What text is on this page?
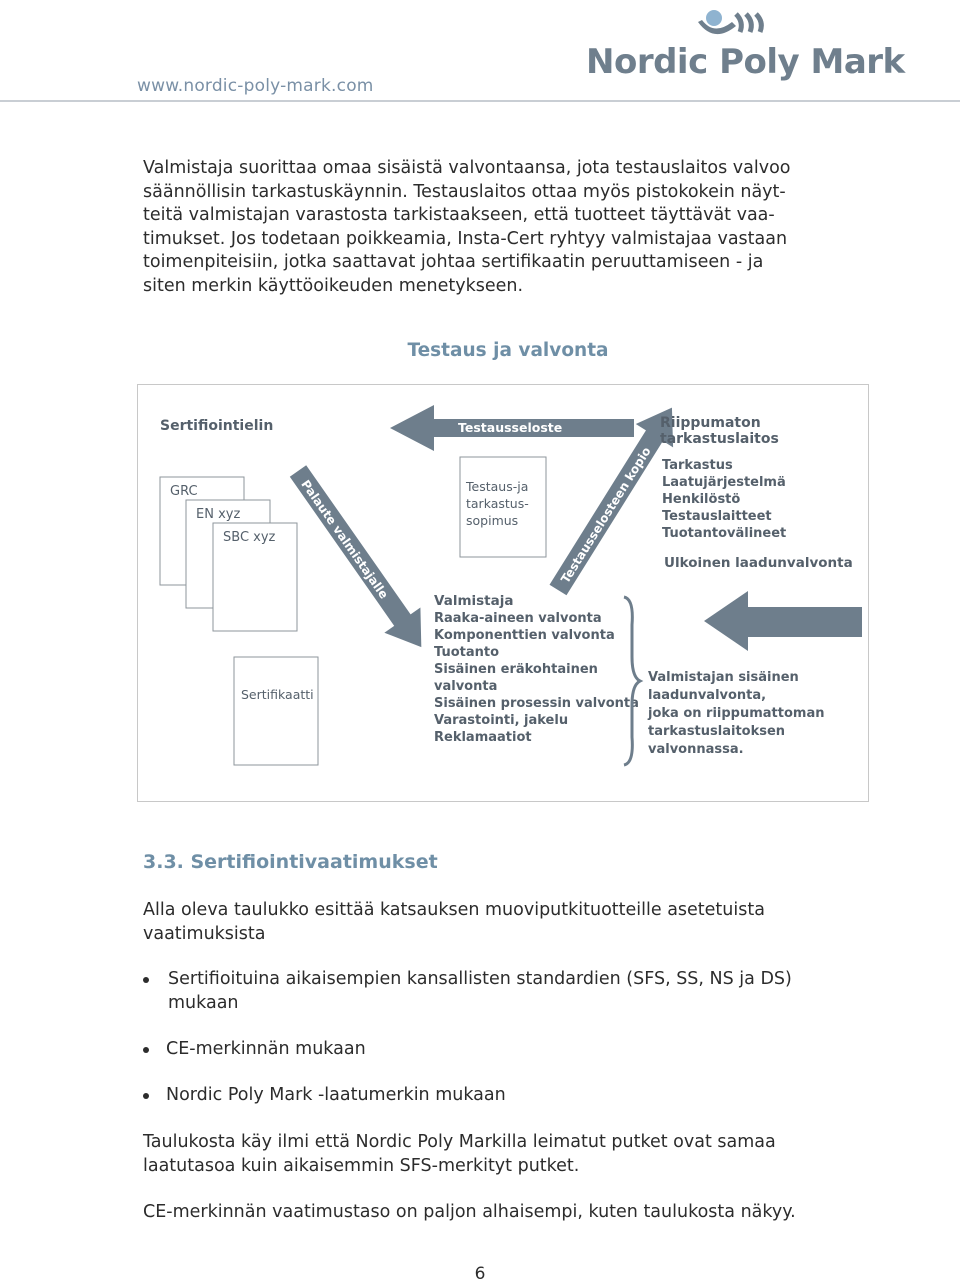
www.nordic-poly-mark.com
Nordic Poly Mark
Valmistaja suorittaa omaa sisäistä valvontaansa, jota testauslaitos valvoo
säännöllisin tarkastuskäynnin. Testauslaitos ottaa myös pistokokein näyt-
teitä valmistajan varastosta tarkistaakseen, että tuotteet täyttävät vaa-
timukset. Jos todetaan poikkeamia, Insta-Cert ryhtyy valmistajaa vastaan
toimenpiteisiin, jotka saattavat johtaa sertifikaatin peruuttamiseen - ja
siten merkin käyttöoikeuden menetykseen.
Testaus ja valvonta
Sertifiointielin
GRC
EN xyz
SBC xyz
Sertifikaatti
Testausseloste
Testaus-ja
tarkastus-
sopimus
Palaute valmistajalle	Testausselosteen kopio
Riippumaton
tarkastuslaitos
Tarkastus
Laatujärjestelmä
Henkilöstö
Testauslaitteet
Tuotantovälineet
Ulkoinen laadunvalvonta
Valmistaja
Raaka-aineen valvonta
Komponenttien valvonta
Tuotanto
Sisäinen eräkohtainen
valvonta
Sisäinen prosessin valvonta
Varastointi, jakelu
Reklamaatiot
Valmistajan sisäinen
laadunvalvonta,
joka on riippumattoman
tarkastuslaitoksen
valvonnassa.
3.3. Sertifiointivaatimukset
Alla oleva taulukko esittää katsauksen muoviputkituotteille asetetuista
vaatimuksista
Sertifioituina aikaisempien kansallisten standardien (SFS, SS, NS ja DS)
mukaan
CE-merkinnän mukaan
Nordic Poly Mark -laatumerkin mukaan
Taulukosta käy ilmi että Nordic Poly Markilla leimatut putket ovat samaa
laatutasoa kuin aikaisemmin SFS-merkityt putket.
CE-merkinnän vaatimustaso on paljon alhaisempi, kuten taulukosta näkyy.
6
